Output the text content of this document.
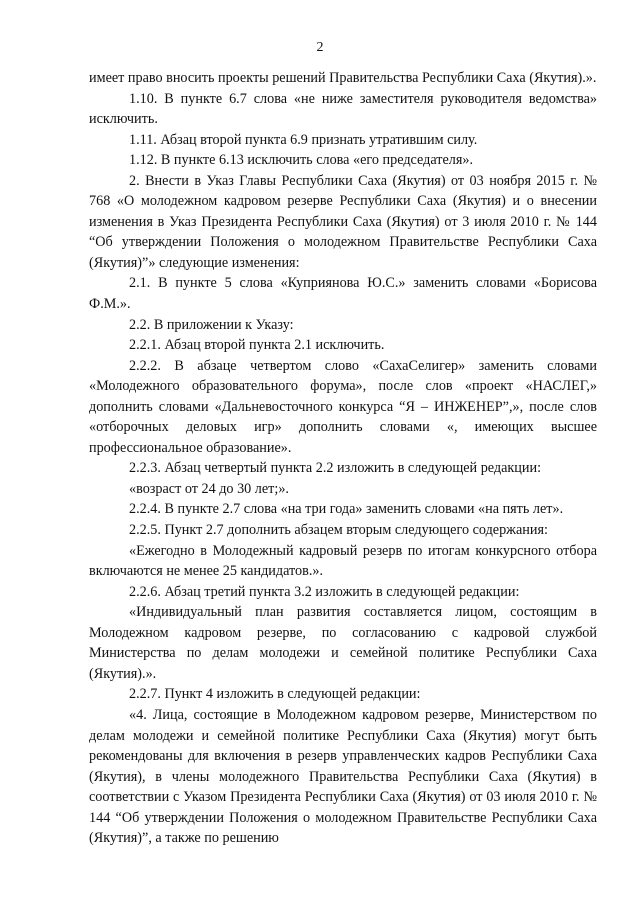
2

имеет право вносить проекты решений Правительства Республики Саха (Якутия).».

1.10. В пункте 6.7 слова «не ниже заместителя руководителя ведомства» исключить.

1.11. Абзац второй пункта 6.9 признать утратившим силу.

1.12. В пункте 6.13 исключить слова «его председателя».

2. Внести в Указ Главы Республики Саха (Якутия) от 03 ноября 2015 г. № 768 «О молодежном кадровом резерве Республики Саха (Якутия) и о внесении изменения в Указ Президента Республики Саха (Якутия) от 3 июля 2010 г. № 144 “Об утверждении Положения о молодежном Правительстве Республики Саха (Якутия)”» следующие изменения:

2.1. В пункте 5 слова «Куприянова Ю.С.» заменить словами «Борисова Ф.М.».

2.2. В приложении к Указу:

2.2.1. Абзац второй пункта 2.1 исключить.

2.2.2. В абзаце четвертом слово «СахаСелигер» заменить словами «Молодежного образовательного форума», после слов «проект «НАСЛЕГ,» дополнить словами «Дальневосточного конкурса “Я – ИНЖЕНЕР”,», после слов «отборочных деловых игр» дополнить словами «, имеющих высшее профессиональное образование».

2.2.3. Абзац четвертый пункта 2.2 изложить в следующей редакции:

«возраст от 24 до 30 лет;».

2.2.4. В пункте 2.7 слова «на три года» заменить словами «на пять лет».

2.2.5. Пункт 2.7 дополнить абзацем вторым следующего содержания:

«Ежегодно в Молодежный кадровый резерв по итогам конкурсного отбора включаются не менее 25 кандидатов.».

2.2.6. Абзац третий пункта 3.2 изложить в следующей редакции:

«Индивидуальный план развития составляется лицом, состоящим в Молодежном кадровом резерве, по согласованию с кадровой службой Министерства по делам молодежи и семейной политике Республики Саха (Якутия).».

2.2.7. Пункт 4 изложить в следующей редакции:

«4. Лица, состоящие в Молодежном кадровом резерве, Министерством по делам молодежи и семейной политике Республики Саха (Якутия) могут быть рекомендованы для включения в резерв управленческих кадров Республики Саха (Якутия), в члены молодежного Правительства Республики Саха (Якутия) в соответствии с Указом Президента Республики Саха (Якутия) от 03 июля 2010 г. № 144 “Об утверждении Положения о молодежном Правительстве Республики Саха (Якутия)”, а также по решению
